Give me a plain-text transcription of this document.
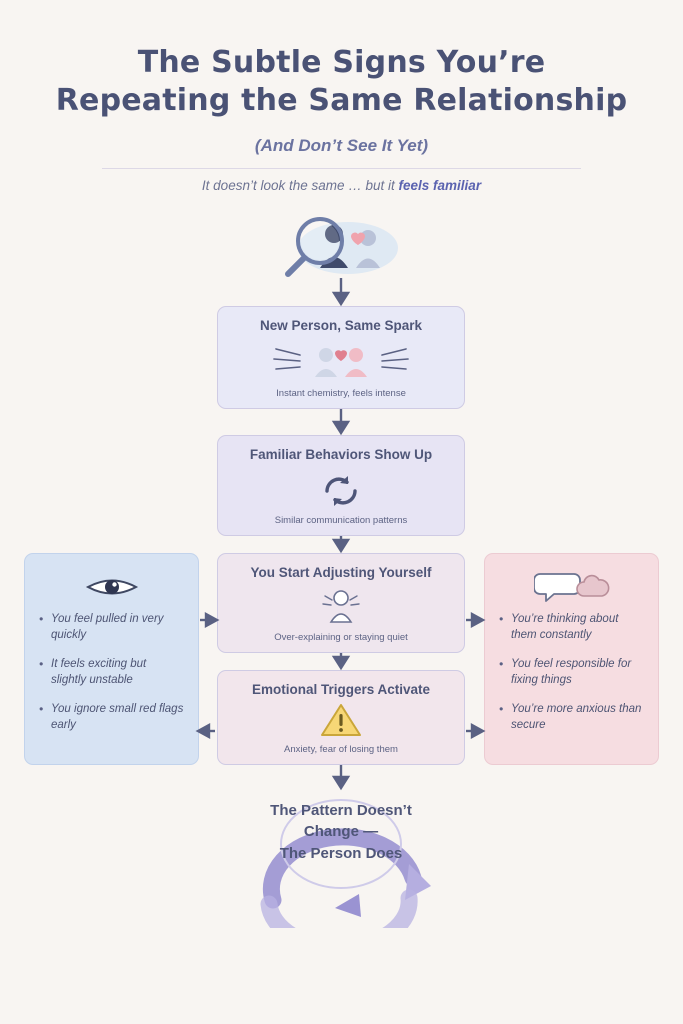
The Subtle Signs You’re
Repeating the Same Relationship
(And Don’t See It Yet)
It doesn’t look the same … but it feels familiar
New Person, Same Spark
Instant chemistry, feels intense
Familiar Behaviors Show Up
Similar communication patterns
You Start Adjusting Yourself
Over-explaining or staying quiet
Emotional Triggers Activate
Anxiety, fear of losing them
• You feel pulled in very quickly
• It feels exciting but slightly unstable
• You ignore small red flags early
• You’re thinking about them constantly
• You feel responsible for fixing things
• You’re more anxious than secure
The Pattern Doesn’t
Change —
The Person Does
